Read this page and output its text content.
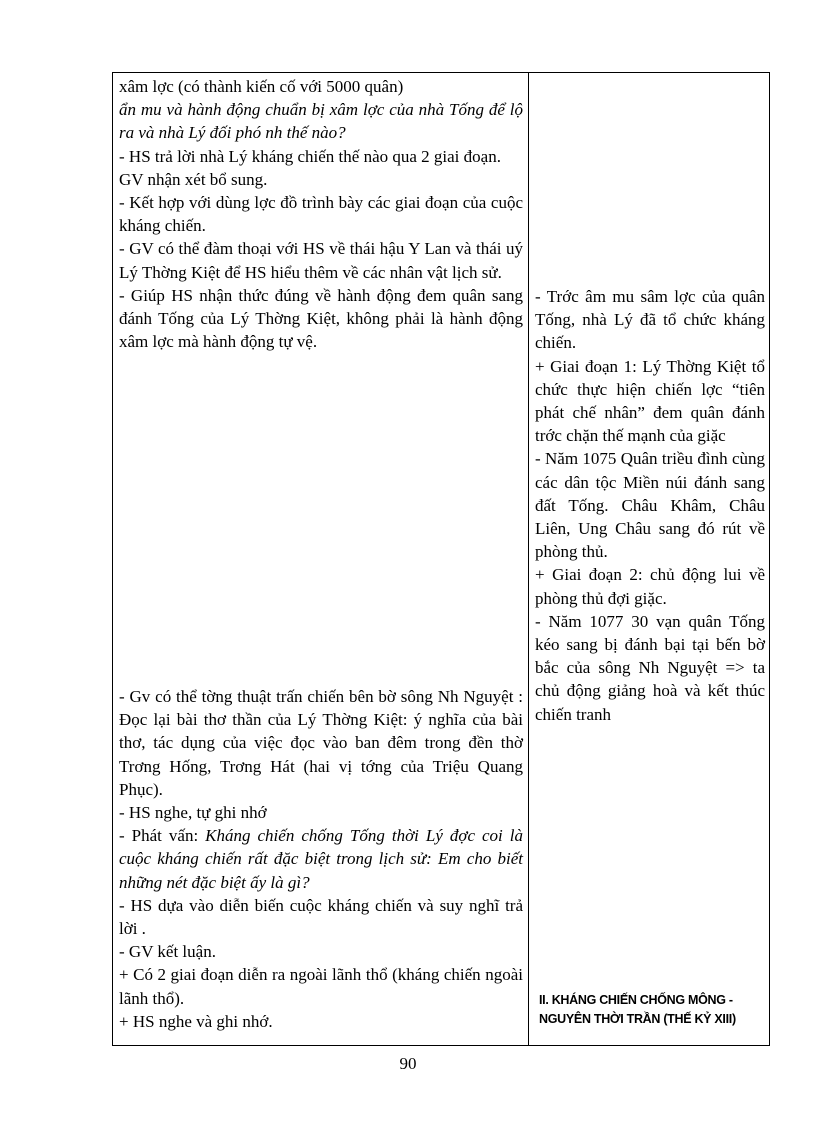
xâm lợc (có thành kiến cố với 5000 quân)

ẩn mu và hành động chuẩn bị xâm lợc của nhà Tống để lộ ra và nhà Lý đối phó nh thế nào?

- HS trả lời nhà Lý kháng chiến thế nào qua 2 giai đoạn.

GV nhận xét bổ sung.

- Kết hợp với dùng lợc đồ trình bày các giai đoạn của cuộc kháng chiến.

- GV có thể đàm thoại với HS về thái hậu Y Lan và thái uý Lý Thờng Kiệt để HS hiểu thêm về các nhân vật lịch sử.

- Giúp HS nhận thức đúng về hành động đem quân sang đánh Tống của Lý Thờng Kiệt, không phải là hành động xâm lợc mà hành động tự vệ.

- Gv có thể tờng thuật trấn chiến bên bờ sông Nh Nguyệt : Đọc lại bài thơ thần của Lý Thờng Kiệt: ý nghĩa của bài thơ, tác dụng của việc đọc vào ban đêm trong đền thờ Trơng Hống, Trơng Hát (hai vị tớng của Triệu Quang Phục).

- HS nghe, tự ghi nhớ

- Phát vấn: Kháng chiến chống Tống thời Lý đợc coi là cuộc kháng chiến rất đặc biệt trong lịch sử: Em cho biết những nét đặc biệt ấy là gì?

- HS dựa vào diễn biến cuộc kháng chiến và suy nghĩ trả lời .

- GV kết luận.

+ Có 2 giai đoạn diễn ra ngoài lãnh thổ (kháng chiến ngoài lãnh thổ).

+ HS nghe và ghi nhớ.

- Trớc âm mu sâm lợc của quân Tống, nhà Lý đã tổ chức kháng chiến.

+ Giai đoạn 1: Lý Thờng Kiệt tổ chức thực hiện chiến lợc “tiên phát chế nhân” đem quân đánh trớc chặn thế mạnh của giặc

- Năm 1075 Quân triều đình cùng các dân tộc Miền núi đánh sang đất Tống. Châu Khâm, Châu Liên, Ung Châu sang đó rút về phòng thủ.

+ Giai đoạn 2: chủ động lui về phòng thủ đợi giặc.

- Năm 1077 30 vạn quân Tống kéo sang bị đánh bại tại bến bờ bắc của sông Nh Nguyệt => ta chủ động giảng hoà và kết thúc chiến tranh

II. KHÁNG CHIẾN CHỐNG MÔNG -

NGUYÊN THỜI TRẦN (THẾ KỶ XIII)

90
